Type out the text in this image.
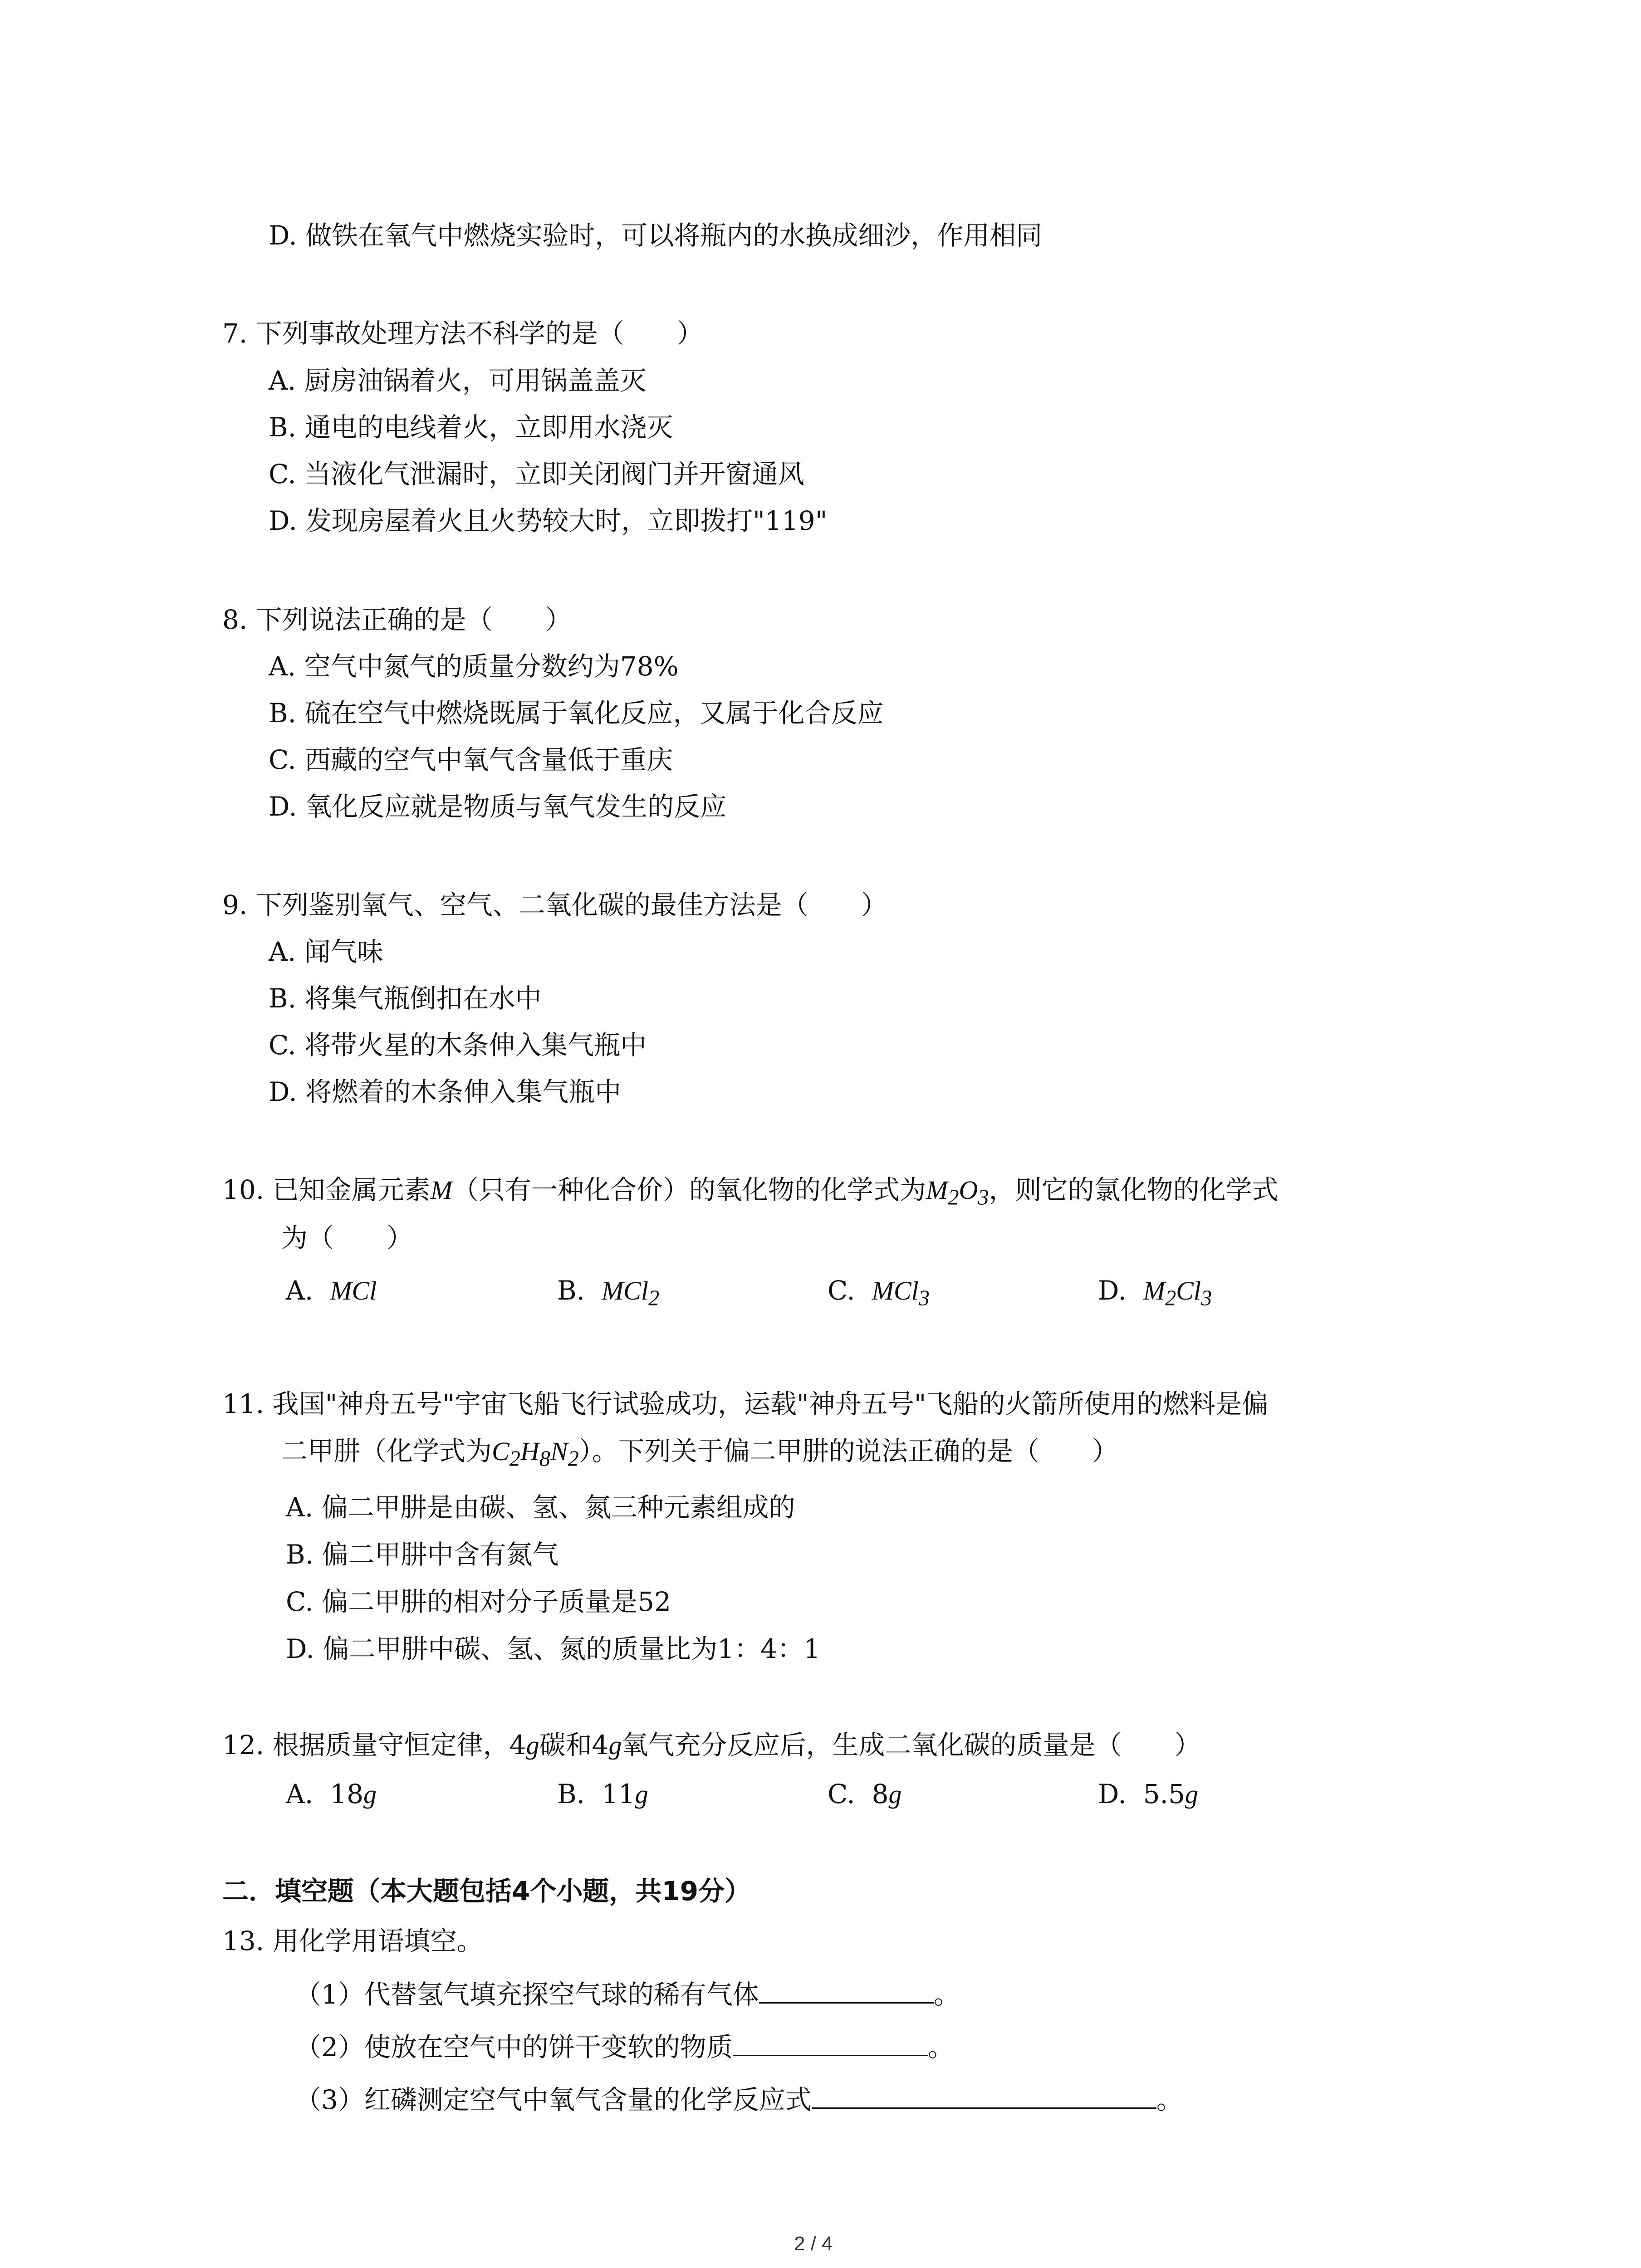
D. 做铁在氧气中燃烧实验时，可以将瓶内的水换成细沙，作用相同
7. 下列事故处理方法不科学的是（　　）
A. 厨房油锅着火，可用锅盖盖灭
B. 通电的电线着火，立即用水浇灭
C. 当液化气泄漏时，立即关闭阀门并开窗通风
D. 发现房屋着火且火势较大时，立即拨打"119"
8. 下列说法正确的是（　　）
A. 空气中氮气的质量分数约为78%
B. 硫在空气中燃烧既属于氧化反应，又属于化合反应
C. 西藏的空气中氧气含量低于重庆
D. 氧化反应就是物质与氧气发生的反应
9. 下列鉴别氧气、空气、二氧化碳的最佳方法是（　　）
A. 闻气味
B. 将集气瓶倒扣在水中
C. 将带火星的木条伸入集气瓶中
D. 将燃着的木条伸入集气瓶中
10. 已知金属元素M（只有一种化合价）的氧化物的化学式为$M_2O_3$，则它的氯化物的化学式
为（　　）
A. MCl	B. MCl$_2$	C. MCl$_3$	D. $M_2Cl_3$
11. 我国"神舟五号"宇宙飞船飞行试验成功，运载"神舟五号"飞船的火箭所使用的燃料是偏
二甲肼（化学式为$C_2H_8N_2$）。下列关于偏二甲肼的说法正确的是（　　）
A. 偏二甲肼是由碳、氢、氮三种元素组成的
B. 偏二甲肼中含有氮气
C. 偏二甲肼的相对分子质量是52
D. 偏二甲肼中碳、氢、氮的质量比为1：4：1
12. 根据质量守恒定律，4g碳和4g氧气充分反应后，生成二氧化碳的质量是（　　）
A. 18g	B. 11g	C. 8g	D. 5.5g
二．填空题（本大题包括4个小题，共19分）
13. 用化学用语填空。
（1）代替氢气填充探空气球的稀有气体	。
（2）使放在空气中的饼干变软的物质	。
（3）红磷测定空气中氧气含量的化学反应式	。
2 / 4
